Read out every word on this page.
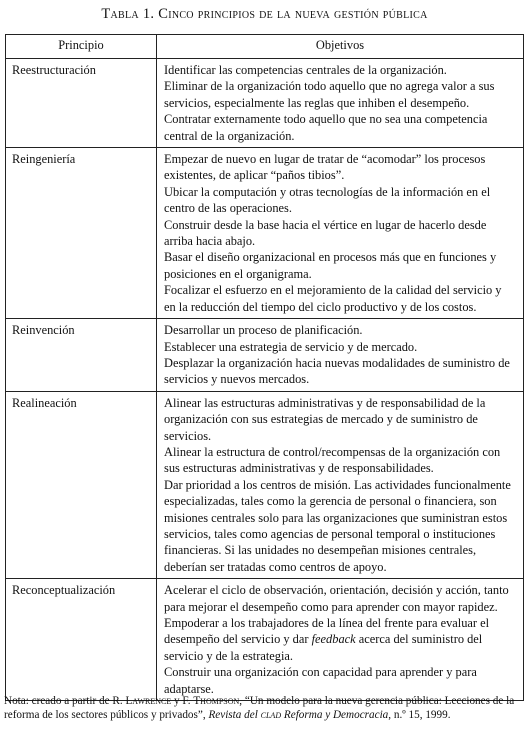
Tabla 1. Cinco principios de la nueva gestión pública
Principio	Objetivos
Reestructuración	Identificar las competencias centrales de la organización.

Eliminar de la organización todo aquello que no agrega valor a sus servicios, especialmente las reglas que inhiben el desempeño.

Contratar externamente todo aquello que no sea una competencia central de la organización.

Reingeniería	Empezar de nuevo en lugar de tratar de “acomodar” los procesos existentes, de aplicar “paños tibios”.

Ubicar la computación y otras tecnologías de la información en el centro de las operaciones.

Construir desde la base hacia el vértice en lugar de hacerlo desde arriba hacia abajo.

Basar el diseño organizacional en procesos más que en funciones y posiciones en el organigrama.

Focalizar el esfuerzo en el mejoramiento de la calidad del servicio y en la reducción del tiempo del ciclo productivo y de los costos.

Reinvención	Desarrollar un proceso de planificación.

Establecer una estrategia de servicio y de mercado.

Desplazar la organización hacia nuevas modalidades de suministro de servicios y nuevos mercados.

Realineación	Alinear las estructuras administrativas y de responsabilidad de la organización con sus estrategias de mercado y de suministro de servicios.

Alinear la estructura de control/recompensas de la organización con sus estructuras administrativas y de responsabilidades.

Dar prioridad a los centros de misión. Las actividades funcionalmente especializadas, tales como la gerencia de personal o financiera, son misiones centrales solo para las organizaciones que suministran estos servicios, tales como agencias de personal temporal o instituciones financieras. Si las unidades no desempeñan misiones centrales, deberían ser tratadas como centros de apoyo.

Reconceptualización	Acelerar el ciclo de observación, orientación, decisión y acción, tanto para mejorar el desempeño como para aprender con mayor rapidez.

Empoderar a los trabajadores de la línea del frente para evaluar el desempeño del servicio y dar feedback acerca del suministro del servicio y de la estrategia.

Construir una organización con capacidad para aprender y para adaptarse.

Nota: creado a partir de R. Lawrence y F. Thompson, “Un modelo para la nueva gerencia pública: Lecciones de la reforma de los sectores públicos y privados”, Revista del clad Reforma y Democracia, n.º 15, 1999.
